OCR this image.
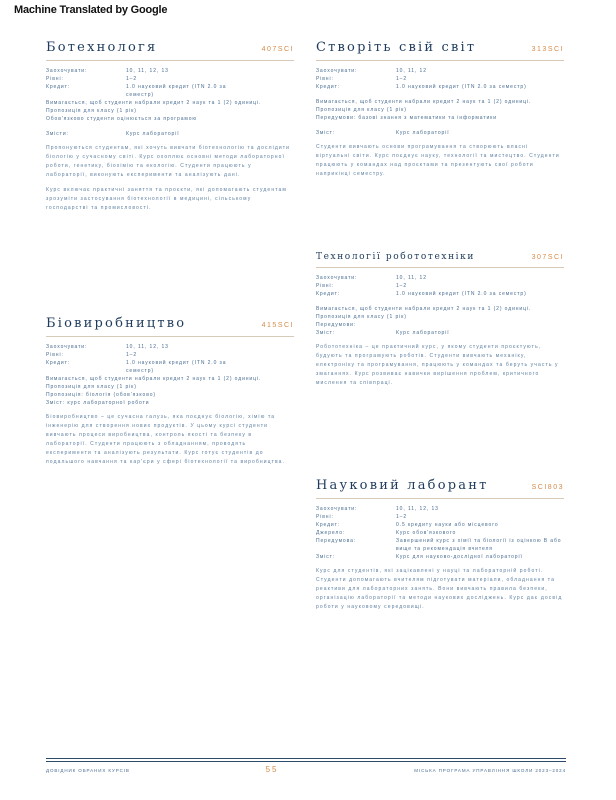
Machine Translated by Google
Ботехнологя	407SCI
Заохочувати:	10, 11, 12, 13
Рівні:	1–2
Кредит:	1.0 науковий кредит (ITN 2.0 за
семестр)
Вимагається, щоб студенти набрали кредит 2 наук та 1 (2) одиниці.
Пропозиція для класу (1 рік)
Обов'язково студенти оцінюється за програмою
Змісти:	Курс лабораторії
Пропонуються студентам, які хочуть вивчати біотехнологію та дослідити біологію у сучасному світі. Курс охоплює основні методи лабораторної роботи, генетику, біохімію та екологію. Студенти працюють у лабораторії, виконують експерименти та аналізують дані.
Курс включає практичні заняття та проєкти, які допомагають студентам зрозуміти застосування біотехнології в медицині, сільському господарстві та промисловості.
Біовиробництво	415SCI
Заохочувати:	10, 11, 12, 13
Рівні:	1–2
Кредит:	1.0 науковий кредит (ITN 2.0 за
семестр)
Вимагається, щоб студенти набрали кредит 2 наук та 1 (2) одиниці.
Пропозиція для класу (1 рік)
Пропозиція: біологія (обов'язково)
Зміст: курс лабораторної роботи
Біовиробництво – це сучасна галузь, яка поєднує біологію, хімію та інженерію для створення нових продуктів. У цьому курсі студенти вивчають процеси виробництва, контроль якості та безпеку в лабораторії. Студенти працюють з обладнанням, проводять експерименти та аналізують результати. Курс готує студентів до подальшого навчання та кар'єри у сфері біотехнології та виробництва.
Створіть свій світ	313SCI
Заохочувати:	10, 11, 12
Рівні:	1–2
Кредит:	1.0 науковий кредит (ITN 2.0 за семестр)
Вимагається, щоб студенти набрали кредит 2 наук та 1 (2) одиниці.
Пропозиція для класу (1 рік)
Передумови: базові знання з математики та інформатики
Зміст:	Курс лабораторії
Студенти вивчають основи програмування та створюють власні віртуальні світи. Курс поєднує науку, технології та мистецтво. Студенти працюють у командах над проєктами та презентують свої роботи наприкінці семестру.
Технології робототехніки	307SCI
Заохочувати:	10, 11, 12
Рівні:	1–2
Кредит:	1.0 науковий кредит (ITN 2.0 за семестр)
Вимагається, щоб студенти набрали кредит 2 наук та 1 (2) одиниці.
Пропозиція для класу (1 рік)
Передумови:
Зміст:	Курс лабораторії
Робототехніка – це практичний курс, у якому студенти проєктують, будують та програмують роботів. Студенти вивчають механіку, електроніку та програмування, працюють у командах та беруть участь у змаганнях. Курс розвиває навички вирішення проблем, критичного мислення та співпраці.
Науковий лаборант	SCI803
Заохочувати:	10, 11, 12, 13
Рівні:	1–2
Кредит:	0.5 кредиту науки або місцевого
Джерело:	Курс обов'язкового
Передумова:	Завершений курс з хімії та біології із оцінкою В або вище та рекомендація вчителя
Зміст:	Курс для науково-дослідної лабораторії
Курс для студентів, які зацікавлені у науці та лабораторній роботі. Студенти допомагають вчителям підготувати матеріали, обладнання та реактиви для лабораторних занять. Вони вивчають правила безпеки, організацію лабораторії та методи наукових досліджень. Курс дає досвід роботи у науковому середовищі.
ДОВІДНИК ОБРАНИХ КУРСІВ	55	МІСЬКА ПРОГРАМА УПРАВЛІННЯ ШКОЛИ 2023–2024
